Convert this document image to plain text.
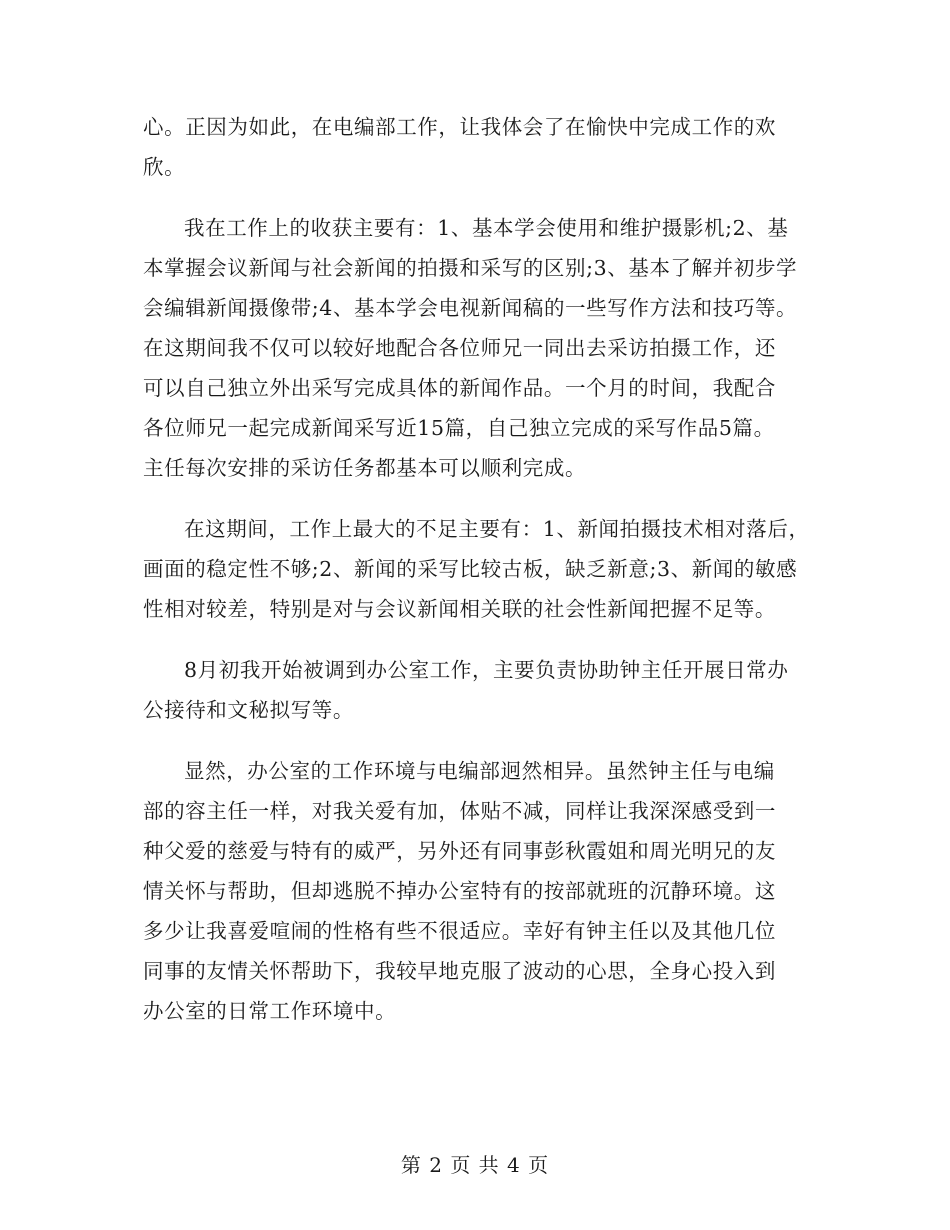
心。正因为如此，在电编部工作，让我体会了在愉快中完成工作的欢
欣。
我在工作上的收获主要有：1、基本学会使用和维护摄影机;2、基
本掌握会议新闻与社会新闻的拍摄和采写的区别;3、基本了解并初步学
会编辑新闻摄像带;4、基本学会电视新闻稿的一些写作方法和技巧等。
在这期间我不仅可以较好地配合各位师兄一同出去采访拍摄工作，还
可以自己独立外出采写完成具体的新闻作品。一个月的时间，我配合
各位师兄一起完成新闻采写近15篇，自己独立完成的采写作品5篇。
主任每次安排的采访任务都基本可以顺利完成。
在这期间，工作上最大的不足主要有：1、新闻拍摄技术相对落后，
画面的稳定性不够;2、新闻的采写比较古板，缺乏新意;3、新闻的敏感
性相对较差，特别是对与会议新闻相关联的社会性新闻把握不足等。
8月初我开始被调到办公室工作，主要负责协助钟主任开展日常办
公接待和文秘拟写等。
显然，办公室的工作环境与电编部迥然相异。虽然钟主任与电编
部的容主任一样，对我关爱有加，体贴不减，同样让我深深感受到一
种父爱的慈爱与特有的威严，另外还有同事彭秋霞姐和周光明兄的友
情关怀与帮助，但却逃脱不掉办公室特有的按部就班的沉静环境。这
多少让我喜爱喧闹的性格有些不很适应。幸好有钟主任以及其他几位
同事的友情关怀帮助下，我较早地克服了波动的心思，全身心投入到
办公室的日常工作环境中。
第 2 页 共 4 页
